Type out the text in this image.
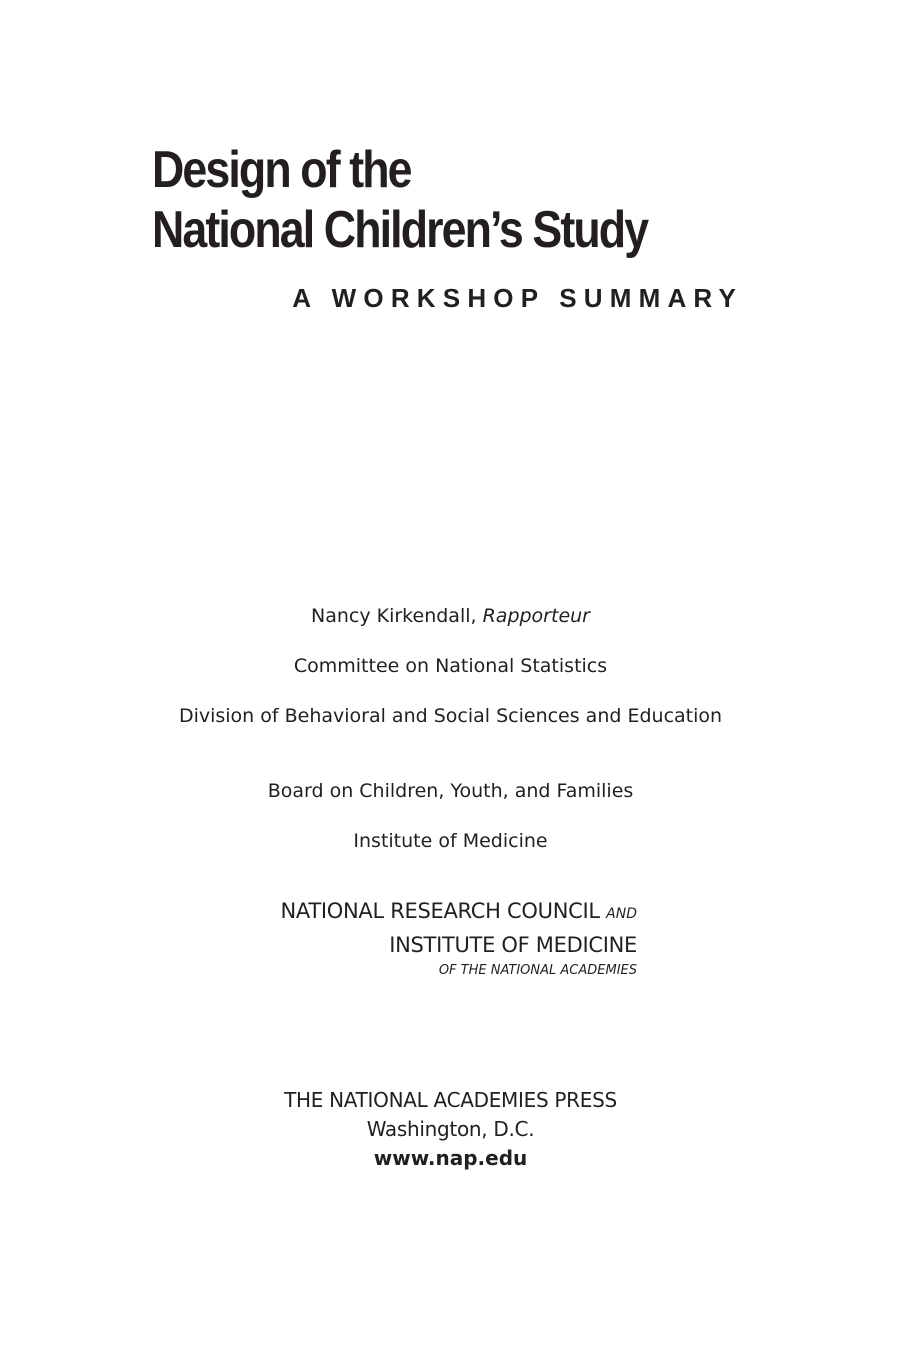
Design of the
National Children’s Study
A WORKSHOP SUMMARY
Nancy Kirkendall, Rapporteur
Committee on National Statistics
Division of Behavioral and Social Sciences and Education
Board on Children, Youth, and Families
Institute of Medicine
NATIONAL RESEARCH COUNCIL AND
INSTITUTE OF MEDICINE
OF THE NATIONAL ACADEMIES
THE NATIONAL ACADEMIES PRESS
Washington, D.C.
www.nap.edu
